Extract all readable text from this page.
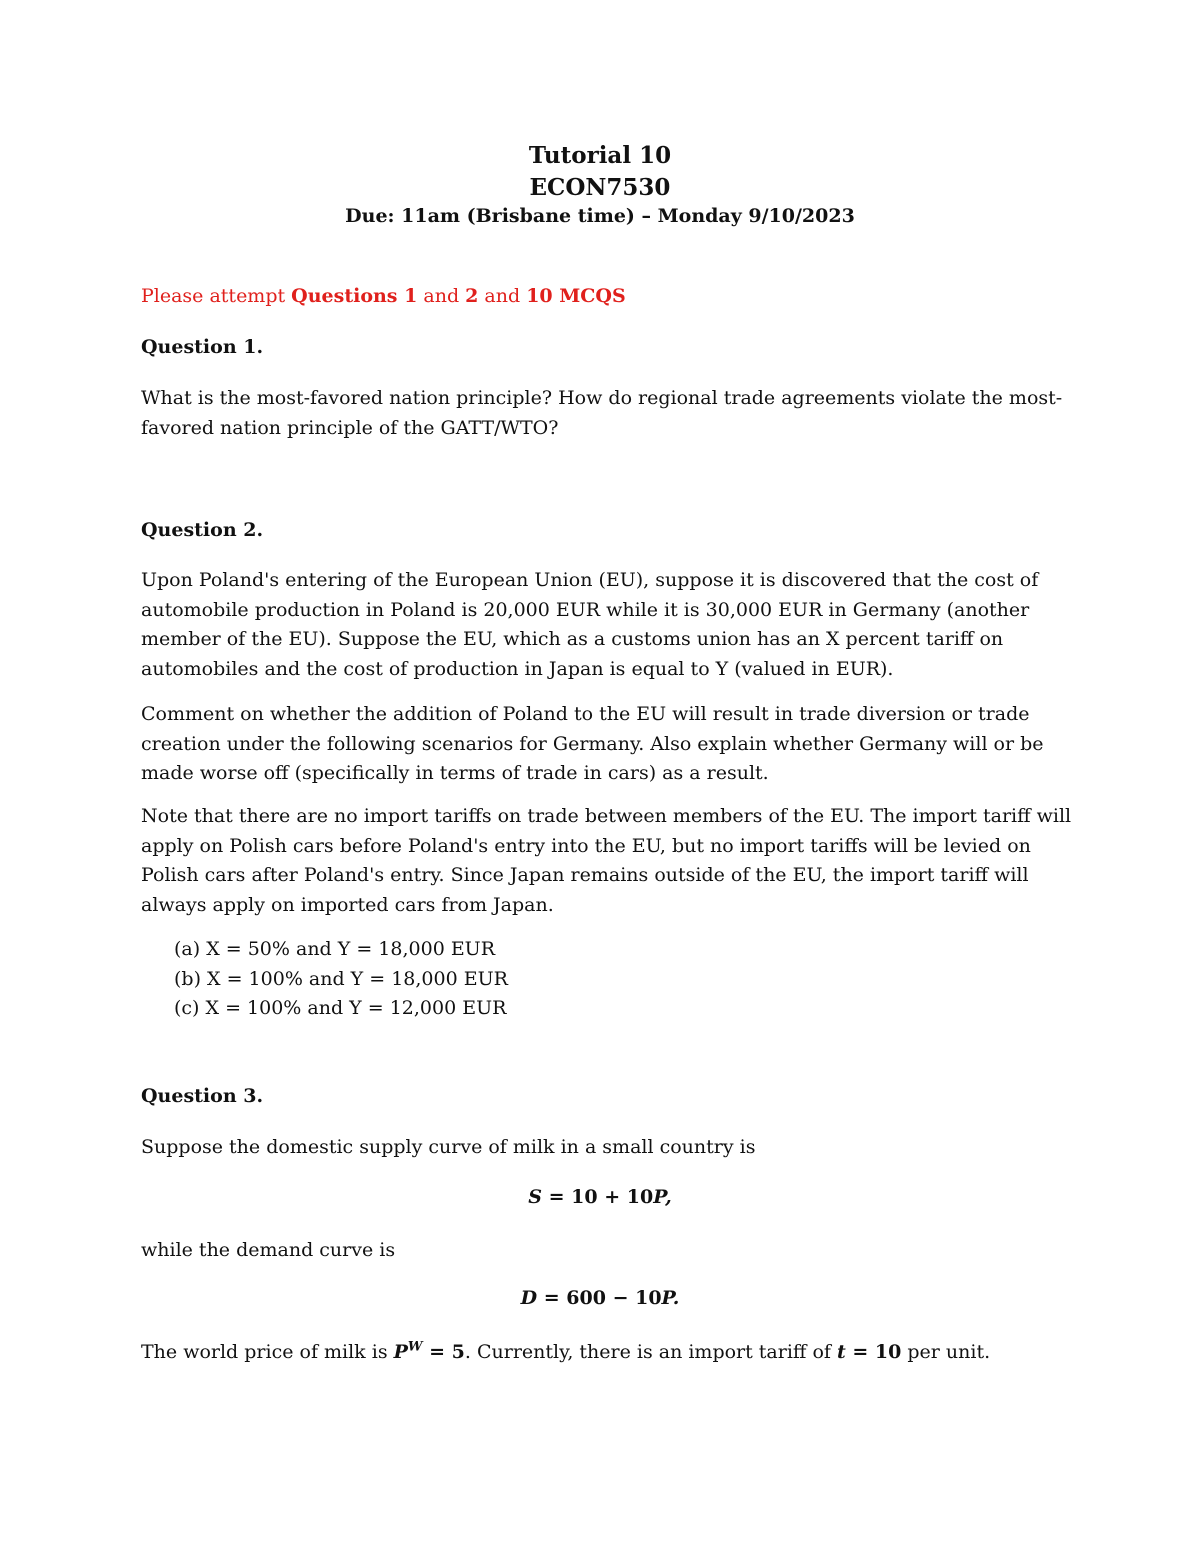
Tutorial 10
ECON7530
Due: 11am (Brisbane time) – Monday 9/10/2023
Please attempt Questions 1 and 2 and 10 MCQS
Question 1.
What is the most-favored nation principle? How do regional trade agreements violate the most-
favored nation principle of the GATT/WTO?
Question 2.
Upon Poland's entering of the European Union (EU), suppose it is discovered that the cost of
automobile production in Poland is 20,000 EUR while it is 30,000 EUR in Germany (another
member of the EU). Suppose the EU, which as a customs union has an X percent tariff on
automobiles and the cost of production in Japan is equal to Y (valued in EUR).
Comment on whether the addition of Poland to the EU will result in trade diversion or trade
creation under the following scenarios for Germany. Also explain whether Germany will or be
made worse off (specifically in terms of trade in cars) as a result.
Note that there are no import tariffs on trade between members of the EU. The import tariff will
apply on Polish cars before Poland's entry into the EU, but no import tariffs will be levied on
Polish cars after Poland's entry. Since Japan remains outside of the EU, the import tariff will
always apply on imported cars from Japan.
(a) X = 50% and Y = 18,000 EUR
(b) X = 100% and Y = 18,000 EUR
(c) X = 100% and Y = 12,000 EUR
Question 3.
Suppose the domestic supply curve of milk in a small country is
S = 10 + 10P,
while the demand curve is
D = 600 − 10P.
The world price of milk is $P^W = 5$. Currently, there is an import tariff of t = 10 per unit.
